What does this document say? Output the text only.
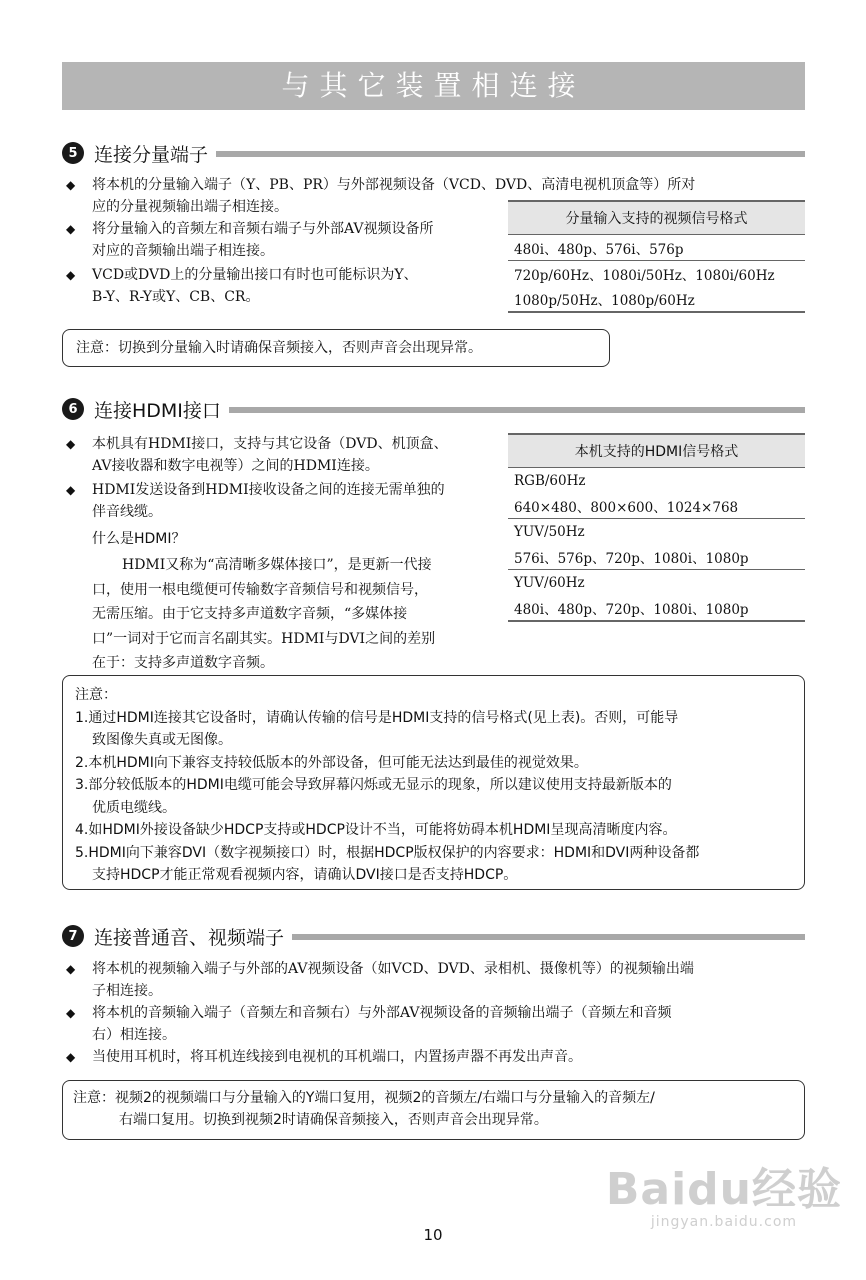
与其它装置相连接
5 连接分量端子
◆	将本机的分量输入端子（Y、PB、PR）与外部视频设备（VCD、DVD、高清电视机顶盒等）所对
应的分量视频输出端子相连接。
◆	将分量输入的音频左和音频右端子与外部AV视频设备所
对应的音频输出端子相连接。
◆	VCD或DVD上的分量输出接口有时也可能标识为Y、
B-Y、R-Y或Y、CB、CR。
分量输入支持的视频信号格式
480i、480p、576i、576p
720p/60Hz、1080i/50Hz、1080i/60Hz
1080p/50Hz、1080p/60Hz
注意：切换到分量输入时请确保音频接入，否则声音会出现异常。
6 连接HDMI接口
◆	本机具有HDMI接口，支持与其它设备（DVD、机顶盒、
AV接收器和数字电视等）之间的HDMI连接。
◆	HDMI发送设备到HDMI接收设备之间的连接无需单独的
伴音线缆。
什么是HDMI？
HDMI又称为“高清晰多媒体接口”，是更新一代接
口，使用一根电缆便可传输数字音频信号和视频信号，
无需压缩。由于它支持多声道数字音频，“多媒体接
口”一词对于它而言名副其实。HDMI与DVI之间的差别
在于：支持多声道数字音频。
本机支持的HDMI信号格式
RGB/60Hz
640×480、800×600、1024×768
YUV/50Hz
576i、576p、720p、1080i、1080p
YUV/60Hz
480i、480p、720p、1080i、1080p
注意：
1.通过HDMI连接其它设备时，请确认传输的信号是HDMI支持的信号格式(见上表)。否则，可能导
致图像失真或无图像。
2.本机HDMI向下兼容支持较低版本的外部设备，但可能无法达到最佳的视觉效果。
3.部分较低版本的HDMI电缆可能会导致屏幕闪烁或无显示的现象，所以建议使用支持最新版本的
优质电缆线。
4.如HDMI外接设备缺少HDCP支持或HDCP设计不当，可能将妨碍本机HDMI呈现高清晰度内容。
5.HDMI向下兼容DVI（数字视频接口）时，根据HDCP版权保护的内容要求：HDMI和DVI两种设备都
支持HDCP才能正常观看视频内容，请确认DVI接口是否支持HDCP。
7 连接普通音、视频端子
◆	将本机的视频输入端子与外部的AV视频设备（如VCD、DVD、录相机、摄像机等）的视频输出端
子相连接。
◆	将本机的音频输入端子（音频左和音频右）与外部AV视频设备的音频输出端子（音频左和音频
右）相连接。
◆	当使用耳机时，将耳机连线接到电视机的耳机端口，内置扬声器不再发出声音。
注意：视频2的视频端口与分量输入的Y端口复用，视频2的音频左/右端口与分量输入的音频左/
右端口复用。切换到视频2时请确保音频接入，否则声音会出现异常。
10
Baidu经验
jingyan.baidu.com
